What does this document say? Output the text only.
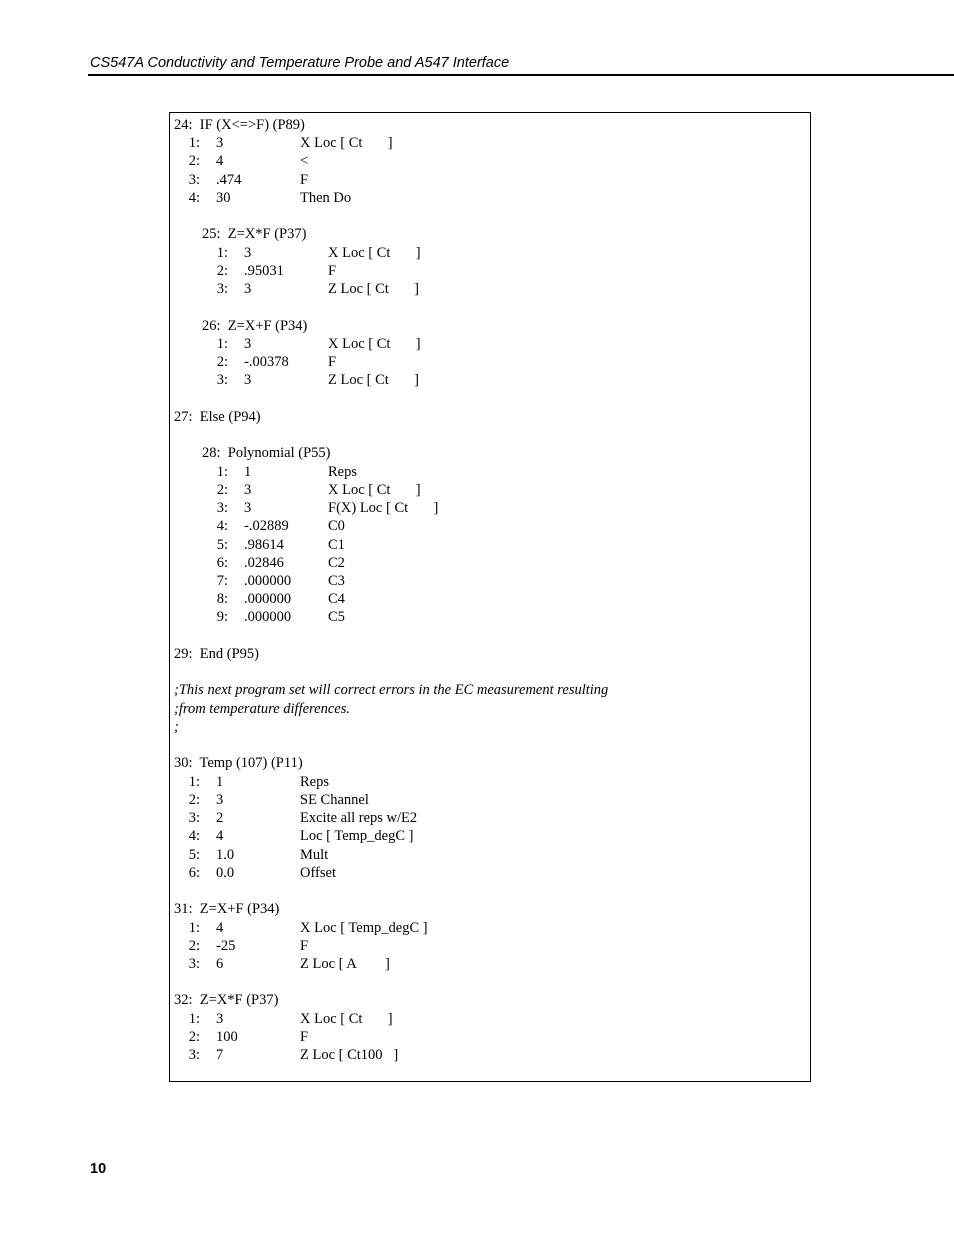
CS547A Conductivity and Temperature Probe and A547 Interface
24:  IF (X<=>F) (P89)
1: 3	X Loc [ Ct       ]
2: 4	<
3: .474	F
4: 30	Then Do
25:  Z=X*F (P37)
1: 3	X Loc [ Ct       ]
2: .95031	F
3: 3	Z Loc [ Ct       ]
26:  Z=X+F (P34)
1: 3	X Loc [ Ct       ]
2: -.00378	F
3: 3	Z Loc [ Ct       ]
27:  Else (P94)
28:  Polynomial (P55)
1: 1	Reps
2: 3	X Loc [ Ct       ]
3: 3	F(X) Loc [ Ct       ]
4: -.02889	C0
5: .98614	C1
6: .02846	C2
7: .000000	C3
8: .000000	C4
9: .000000	C5
29:  End (P95)
;This next program set will correct errors in the EC measurement resulting
;from temperature differences.
;
30:  Temp (107) (P11)
1: 1	Reps
2: 3	SE Channel
3: 2	Excite all reps w/E2
4: 4	Loc [ Temp_degC ]
5: 1.0	Mult
6: 0.0	Offset
31:  Z=X+F (P34)
1: 4	X Loc [ Temp_degC ]
2: -25	F
3: 6	Z Loc [ A        ]
32:  Z=X*F (P37)
1: 3	X Loc [ Ct       ]
2: 100	F
3: 7	Z Loc [ Ct100   ]
10
